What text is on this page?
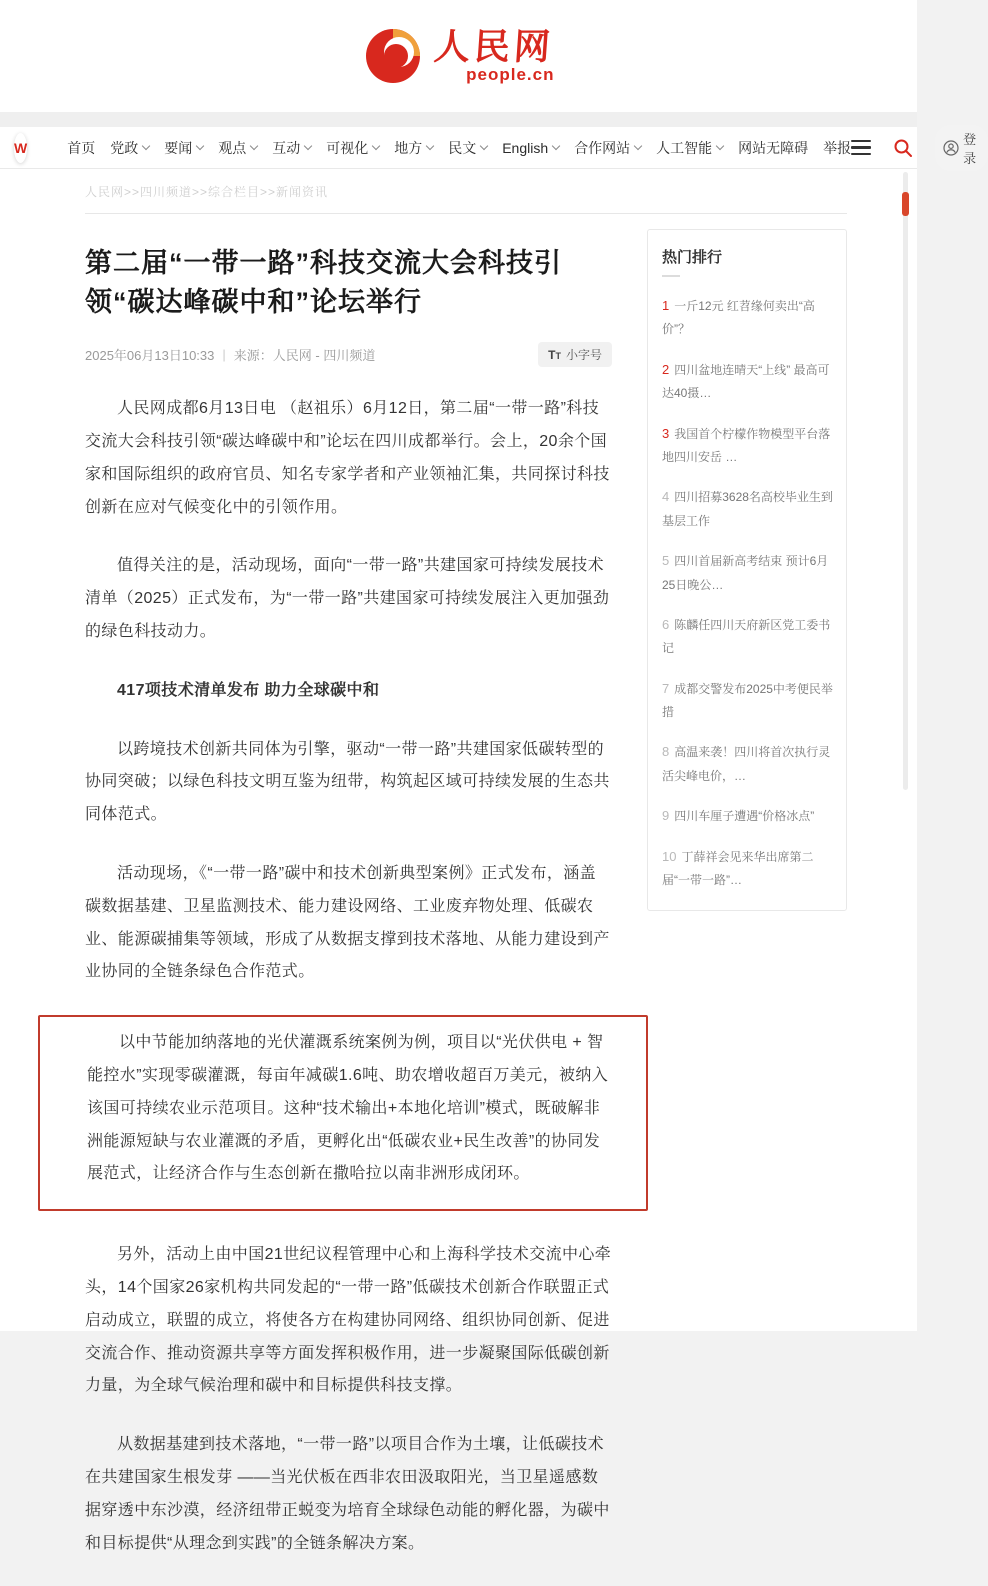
人民网
people.cn
W	首页 党政 要闻 观点 互动 可视化 地方 民文 English 合作网站 人工智能 网站无障碍 举报
登录
人民网>>四川频道>>综合栏目>>新闻资讯
第二届“一带一路”科技交流大会科技引领“碳达峰碳中和”论坛举行
2025年06月13日10:33 | 来源： 人民网 - 四川频道	TT 小字号

人民网成都6月13日电 （赵祖乐）6月12日，第二届“一带一路”科技交流大会科技引领“碳达峰碳中和”论坛在四川成都举行。会上，20余个国家和国际组织的政府官员、知名专家学者和产业领袖汇集，共同探讨科技创新在应对气候变化中的引领作用。

值得关注的是，活动现场，面向“一带一路”共建国家可持续发展技术清单（2025）正式发布，为“一带一路”共建国家可持续发展注入更加强劲的绿色科技动力。

417项技术清单发布 助力全球碳中和

以跨境技术创新共同体为引擎，驱动“一带一路”共建国家低碳转型的协同突破；以绿色科技文明互鉴为纽带，构筑起区域可持续发展的生态共同体范式。

活动现场，《“一带一路”碳中和技术创新典型案例》正式发布，涵盖碳数据基建、卫星监测技术、能力建设网络、工业废弃物处理、低碳农业、能源碳捕集等领域，形成了从数据支撑到技术落地、从能力建设到产业协同的全链条绿色合作范式。

以中节能加纳落地的光伏灌溉系统案例为例，项目以“光伏供电 + 智能控水”实现零碳灌溉，每亩年减碳1.6吨、助农增收超百万美元，被纳入该国可持续农业示范项目。这种“技术输出+本地化培训”模式，既破解非洲能源短缺与农业灌溉的矛盾，更孵化出“低碳农业+民生改善”的协同发展范式，让经济合作与生态创新在撒哈拉以南非洲形成闭环。

另外，活动上由中国21世纪议程管理中心和上海科学技术交流中心牵头，14个国家26家机构共同发起的“一带一路”低碳技术创新合作联盟正式启动成立，联盟的成立，将使各方在构建协同网络、组织协同创新、促进交流合作、推动资源共享等方面发挥积极作用，进一步凝聚国际低碳创新力量，为全球气候治理和碳中和目标提供科技支撑。

从数据基建到技术落地，“一带一路”以项目合作为土壤，让低碳技术在共建国家生根发芽 ——当光伏板在西非农田汲取阳光，当卫星遥感数据穿透中东沙漠，经济纽带正蜕变为培育全球绿色动能的孵化器，为碳中和目标提供“从理念到实践”的全链条解决方案。

热门排行
1 一斤12元 红苕缘何卖出“高价”？
2 四川盆地连晴天“上线” 最高可达40摄…
3 我国首个柠檬作物模型平台落地四川安岳 …
4 四川招募3628名高校毕业生到基层工作
5 四川首届新高考结束 预计6月25日晚公…
6 陈麟任四川天府新区党工委书记
7 成都交警发布2025中考便民举措
8 高温来袭！四川将首次执行灵活尖峰电价，…
9 四川车厘子遭遇“价格冰点”
10 丁薛祥会见来华出席第二届“一带一路”…
